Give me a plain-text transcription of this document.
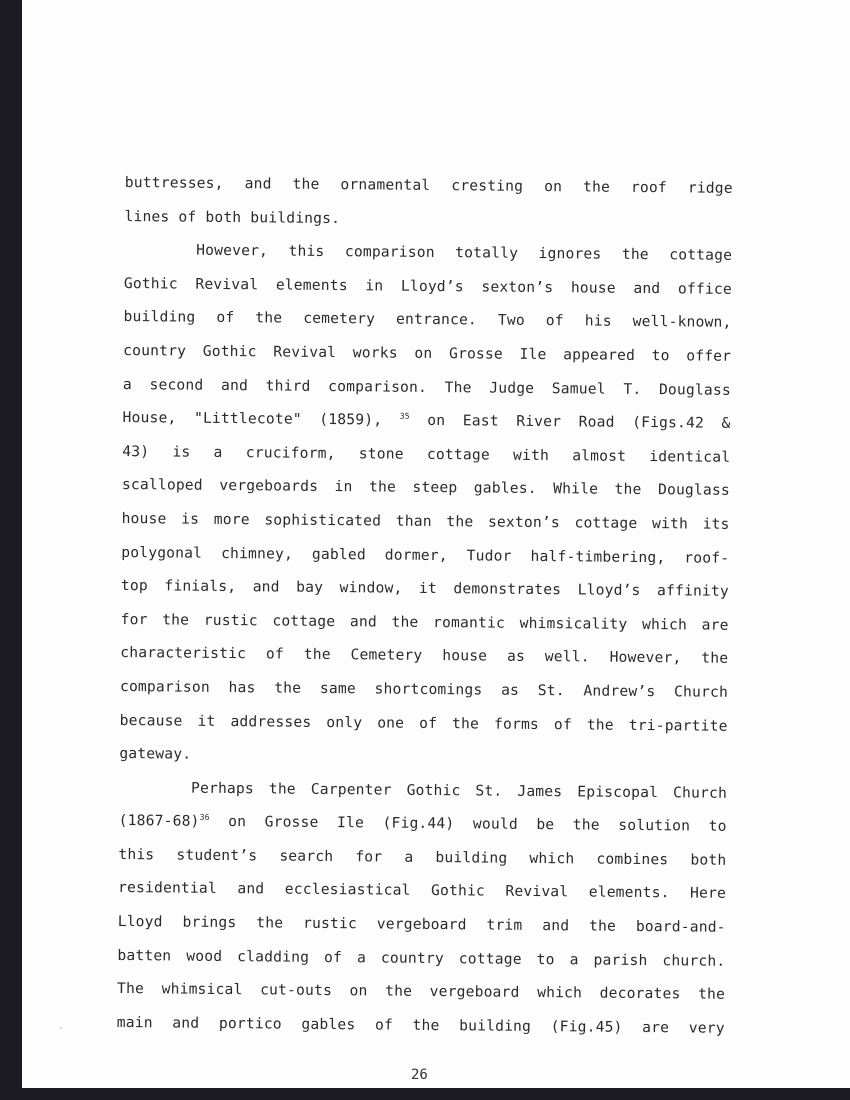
buttresses, and the ornamental cresting on the roof ridge
lines of both buildings.
However, this comparison totally ignores the cottage
Gothic Revival elements in Lloyd’s sexton’s house and office
building of the cemetery entrance. Two of his well-known,
country Gothic Revival works on Grosse Ile appeared to offer
a second and third comparison. The Judge Samuel T. Douglass
House, "Littlecote" (1859), $^{35}$ on East River Road (Figs.42 &
43) is a cruciform, stone cottage with almost identical
scalloped vergeboards in the steep gables. While the Douglass
house is more sophisticated than the sexton’s cottage with its
polygonal chimney, gabled dormer, Tudor half-timbering, roof-
top finials, and bay window, it demonstrates Lloyd’s affinity
for the rustic cottage and the romantic whimsicality which are
characteristic of the Cemetery house as well. However, the
comparison has the same shortcomings as St. Andrew’s Church
because it addresses only one of the forms of the tri-partite
gateway.
Perhaps the Carpenter Gothic St. James Episcopal Church
(1867-68)$^{36}$ on Grosse Ile (Fig.44) would be the solution to
this student’s search for a building which combines both
residential and ecclesiastical Gothic Revival elements. Here
Lloyd brings the rustic vergeboard trim and the board-and-
batten wood cladding of a country cottage to a parish church.
The whimsical cut-outs on the vergeboard which decorates the
main and portico gables of the building (Fig.45) are very
26
